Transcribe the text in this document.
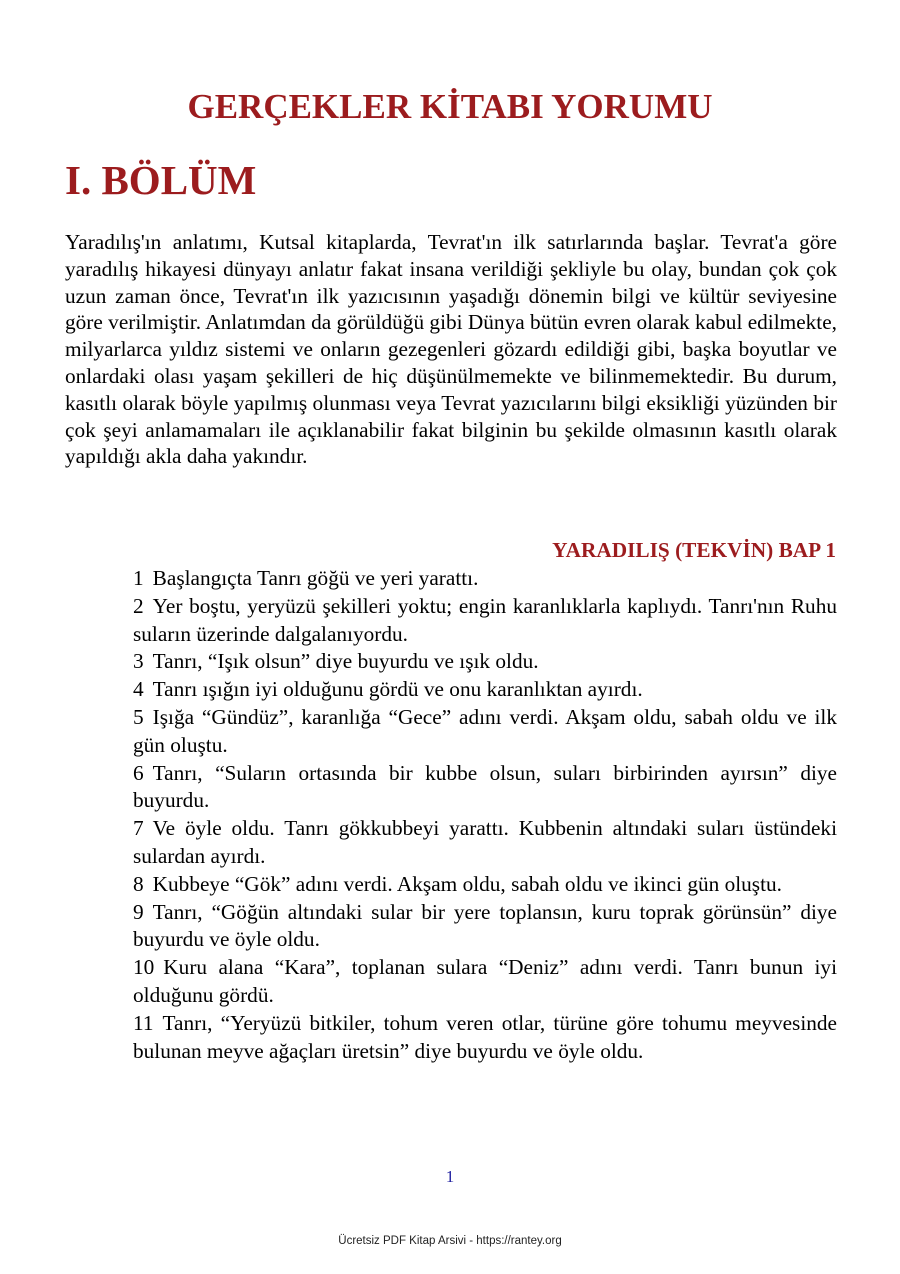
GERÇEKLER KİTABI YORUMU
I. BÖLÜM

Yaradılış'ın anlatımı, Kutsal kitaplarda, Tevrat'ın ilk satırlarında başlar. Tevrat'a göre yaradılış hikayesi dünyayı anlatır fakat insana verildiği şekliyle bu olay, bundan çok çok uzun zaman önce, Tevrat'ın ilk yazıcısının yaşadığı dönemin bilgi ve kültür seviyesine göre verilmiştir. Anlatımdan da görüldüğü gibi Dünya bütün evren olarak kabul edilmekte, milyarlarca yıldız sistemi ve onların gezegenleri gözardı edildiği gibi, başka boyutlar ve onlardaki olası yaşam şekilleri de hiç düşünülmemekte ve bilinmemektedir. Bu durum, kasıtlı olarak böyle yapılmış olunması veya Tevrat yazıcılarını bilgi eksikliği yüzünden bir çok şeyi anlamamaları ile açıklanabilir fakat bilginin bu şekilde olmasının kasıtlı olarak yapıldığı akla daha yakındır.

YARADILIŞ (TEKVİN) BAP 1
1 Başlangıçta Tanrı göğü ve yeri yarattı.
2 Yer boştu, yeryüzü şekilleri yoktu; engin karanlıklarla kaplıydı. Tanrı'nın Ruhu suların üzerinde dalgalanıyordu.
3 Tanrı, “Işık olsun” diye buyurdu ve ışık oldu.
4 Tanrı ışığın iyi olduğunu gördü ve onu karanlıktan ayırdı.
5 Işığa “Gündüz”, karanlığa “Gece” adını verdi. Akşam oldu, sabah oldu ve ilk gün oluştu.
6 Tanrı, “Suların ortasında bir kubbe olsun, suları birbirinden ayırsın” diye buyurdu.
7 Ve öyle oldu. Tanrı gökkubbeyi yarattı. Kubbenin altındaki suları üstündeki sulardan ayırdı.
8 Kubbeye “Gök” adını verdi. Akşam oldu, sabah oldu ve ikinci gün oluştu.
9 Tanrı, “Göğün altındaki sular bir yere toplansın, kuru toprak görünsün” diye buyurdu ve öyle oldu.
10 Kuru alana “Kara”, toplanan sulara “Deniz” adını verdi. Tanrı bunun iyi olduğunu gördü.
11 Tanrı, “Yeryüzü bitkiler, tohum veren otlar, türüne göre tohumu meyvesinde bulunan meyve ağaçları üretsin” diye buyurdu ve öyle oldu.
1
Ücretsiz PDF Kitap Arsivi - https://rantey.org
